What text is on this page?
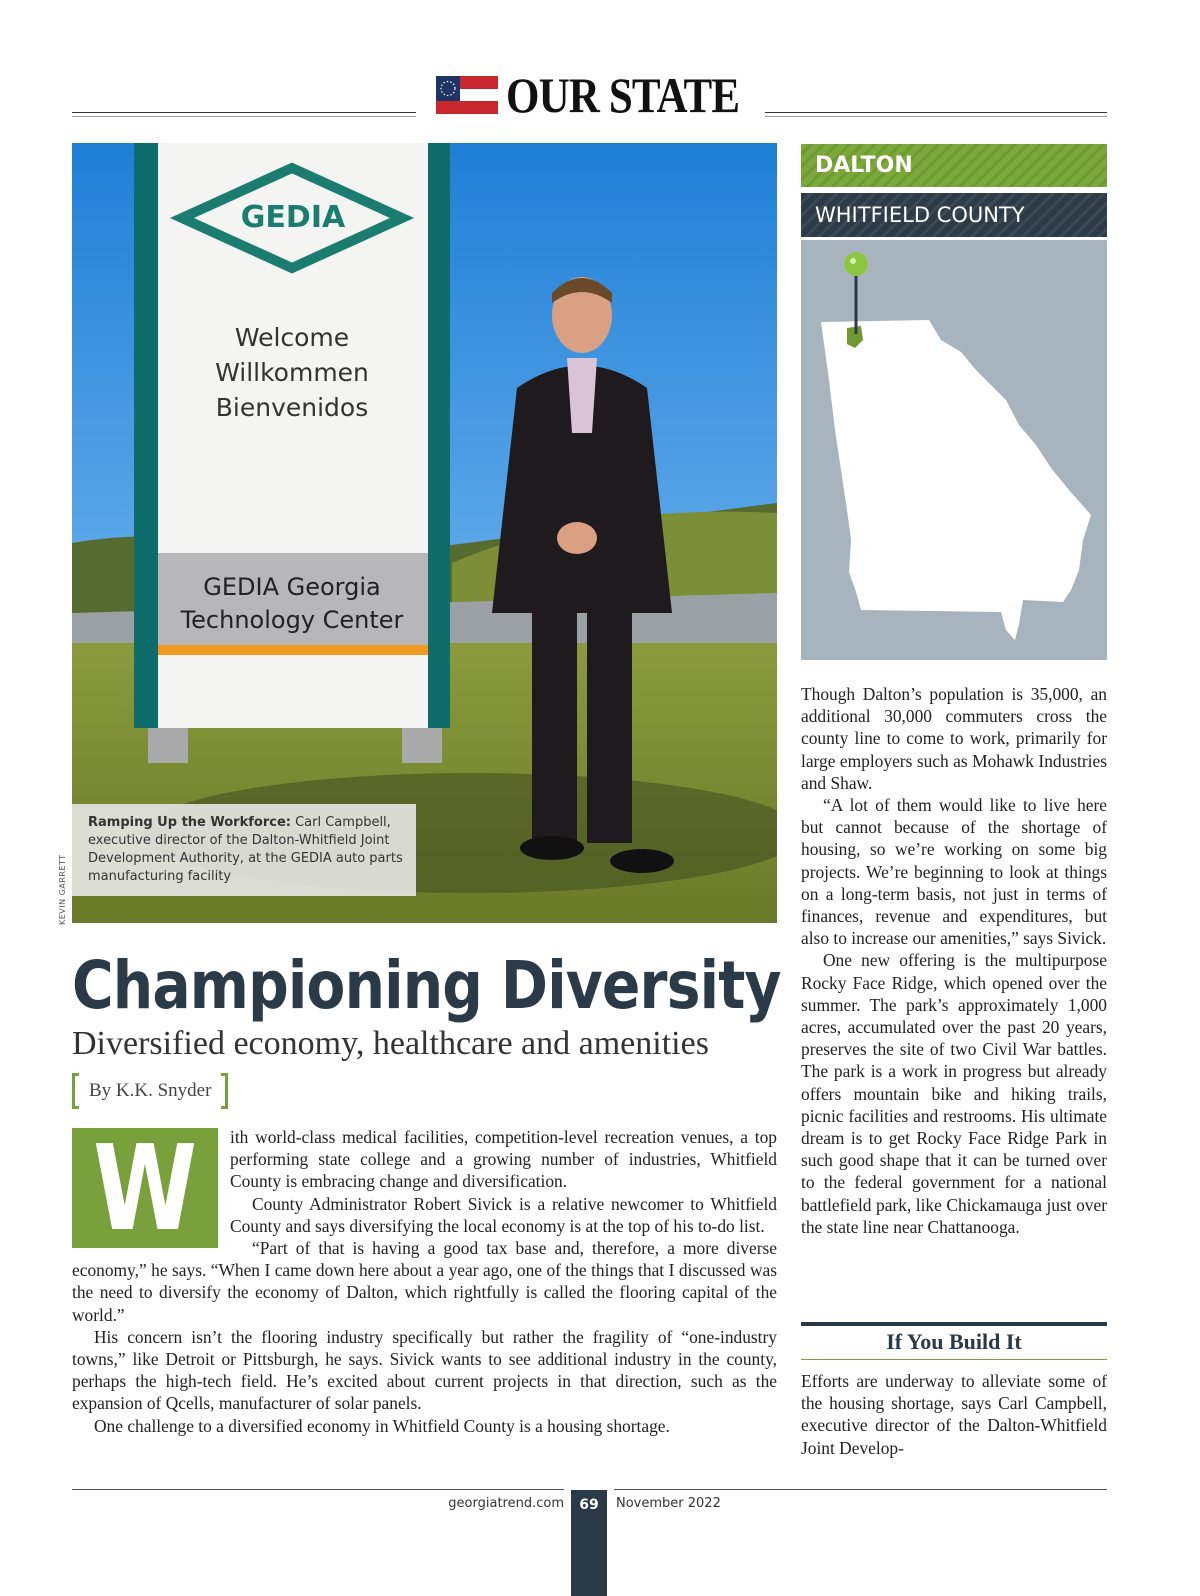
OUR STATE
GEDIA
Welcome
Willkommen
Bienvenidos
GEDIA Georgia
Technology Center
Ramping Up the Workforce: Carl Campbell, executive director of the Dalton-Whitfield Joint Development Authority, at the GEDIA auto parts manufacturing facility
KEVIN GARRETT
Championing Diversity
Diversified economy, healthcare and amenities
By K.K. Snyder
W	ith world-class medical facilities, competition-level recreation venues, a top performing state college and a growing number of industries, Whitfield County is embracing change and diversification.

County Administrator Robert Sivick is a relative newcomer to Whitfield County and says diversifying the local economy is at the top of his to-do list.

“Part of that is having a good tax base and, therefore, a more diverse economy,” he says. “When I came down here about a year ago, one of the things that I discussed was the need to diversify the economy of Dalton, which rightfully is called the flooring capital of the world.”

His concern isn’t the flooring industry specifically but rather the fragility of “one-industry towns,” like Detroit or Pittsburgh, he says. Sivick wants to see additional industry in the county, perhaps the high-tech field. He’s excited about current projects in that direction, such as the expansion of Qcells, manufacturer of solar panels.

One challenge to a diversified economy in Whitfield County is a housing shortage.

DALTON
WHITFIELD COUNTY

Though Dalton’s population is 35,000, an additional 30,000 commuters cross the county line to come to work, primarily for large employers such as Mohawk Industries and Shaw.

“A lot of them would like to live here but cannot because of the shortage of housing, so we’re working on some big projects. We’re beginning to look at things on a long-term basis, not just in terms of finances, revenue and expenditures, but also to increase our amenities,” says Sivick.

One new offering is the multipurpose Rocky Face Ridge, which opened over the summer. The park’s approximately 1,000 acres, accumulated over the past 20 years, preserves the site of two Civil War battles. The park is a work in progress but already offers mountain bike and hiking trails, picnic facilities and restrooms. His ultimate dream is to get Rocky Face Ridge Park in such good shape that it can be turned over to the federal government for a national battlefield park, like Chickamauga just over the state line near Chattanooga.

If You Build It

Efforts are underway to alleviate some of the housing shortage, says Carl Campbell, executive director of the Dalton-Whitfield Joint Develop-

georgiatrend.com	69	November 2022
